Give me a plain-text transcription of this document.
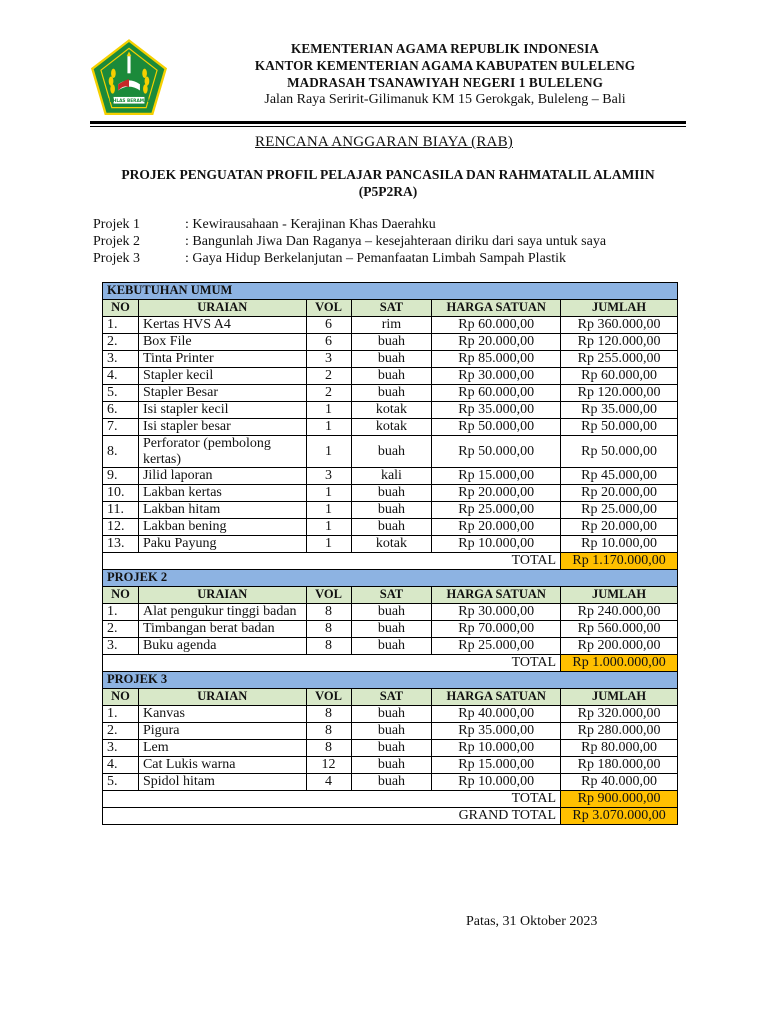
IKHLAS BERAMAL
KEMENTERIAN AGAMA REPUBLIK INDONESIA
KANTOR KEMENTERIAN AGAMA KABUPATEN BULELENG
MADRASAH TSANAWIYAH NEGERI 1 BULELENG
Jalan Raya Seririt-Gilimanuk KM 15 Gerokgak, Buleleng – Bali
RENCANA ANGGARAN BIAYA (RAB)
PROJEK PENGUATAN PROFIL PELAJAR PANCASILA DAN RAHMATALIL ALAMIIN
(P5P2RA)
Projek 1	: Kewirausahaan - Kerajinan Khas Daerahku
Projek 2	: Bangunlah Jiwa Dan Raganya – kesejahteraan diriku dari saya untuk saya
Projek 3	: Gaya Hidup Berkelanjutan – Pemanfaatan Limbah Sampah Plastik
KEBUTUHAN UMUM					
NO	URAIAN	VOL	SAT	HARGA SATUAN	JUMLAH
1.	Kertas HVS A4	6	rim	Rp 60.000,00	Rp 360.000,00
2.	Box File	6	buah	Rp 20.000,00	Rp 120.000,00
3.	Tinta Printer	3	buah	Rp 85.000,00	Rp 255.000,00
4.	Stapler kecil	2	buah	Rp 30.000,00	Rp 60.000,00
5.	Stapler Besar	2	buah	Rp 60.000,00	Rp 120.000,00
6.	Isi stapler kecil	1	kotak	Rp 35.000,00	Rp 35.000,00
7.	Isi stapler besar	1	kotak	Rp 50.000,00	Rp 50.000,00
8.	Perforator (pembolong kertas)	1	buah	Rp 50.000,00	Rp 50.000,00
9.	Jilid laporan	3	kali	Rp 15.000,00	Rp 45.000,00
10.	Lakban kertas	1	buah	Rp 20.000,00	Rp 20.000,00
11.	Lakban hitam	1	buah	Rp 25.000,00	Rp 25.000,00
12.	Lakban bening	1	buah	Rp 20.000,00	Rp 20.000,00
13.	Paku Payung	1	kotak	Rp 10.000,00	Rp 10.000,00
TOTAL					Rp 1.170.000,00
PROJEK 2					
NO	URAIAN	VOL	SAT	HARGA SATUAN	JUMLAH
1.	Alat pengukur tinggi badan	8	buah	Rp 30.000,00	Rp 240.000,00
2.	Timbangan berat badan	8	buah	Rp 70.000,00	Rp 560.000,00
3.	Buku agenda	8	buah	Rp 25.000,00	Rp 200.000,00
TOTAL					Rp 1.000.000,00
PROJEK 3					
NO	URAIAN	VOL	SAT	HARGA SATUAN	JUMLAH
1.	Kanvas	8	buah	Rp 40.000,00	Rp 320.000,00
2.	Pigura	8	buah	Rp 35.000,00	Rp 280.000,00
3.	Lem	8	buah	Rp 10.000,00	Rp 80.000,00
4.	Cat Lukis warna	12	buah	Rp 15.000,00	Rp 180.000,00
5.	Spidol hitam	4	buah	Rp 10.000,00	Rp 40.000,00
TOTAL					Rp 900.000,00
GRAND TOTAL					Rp 3.070.000,00
Patas, 31 Oktober 2023
